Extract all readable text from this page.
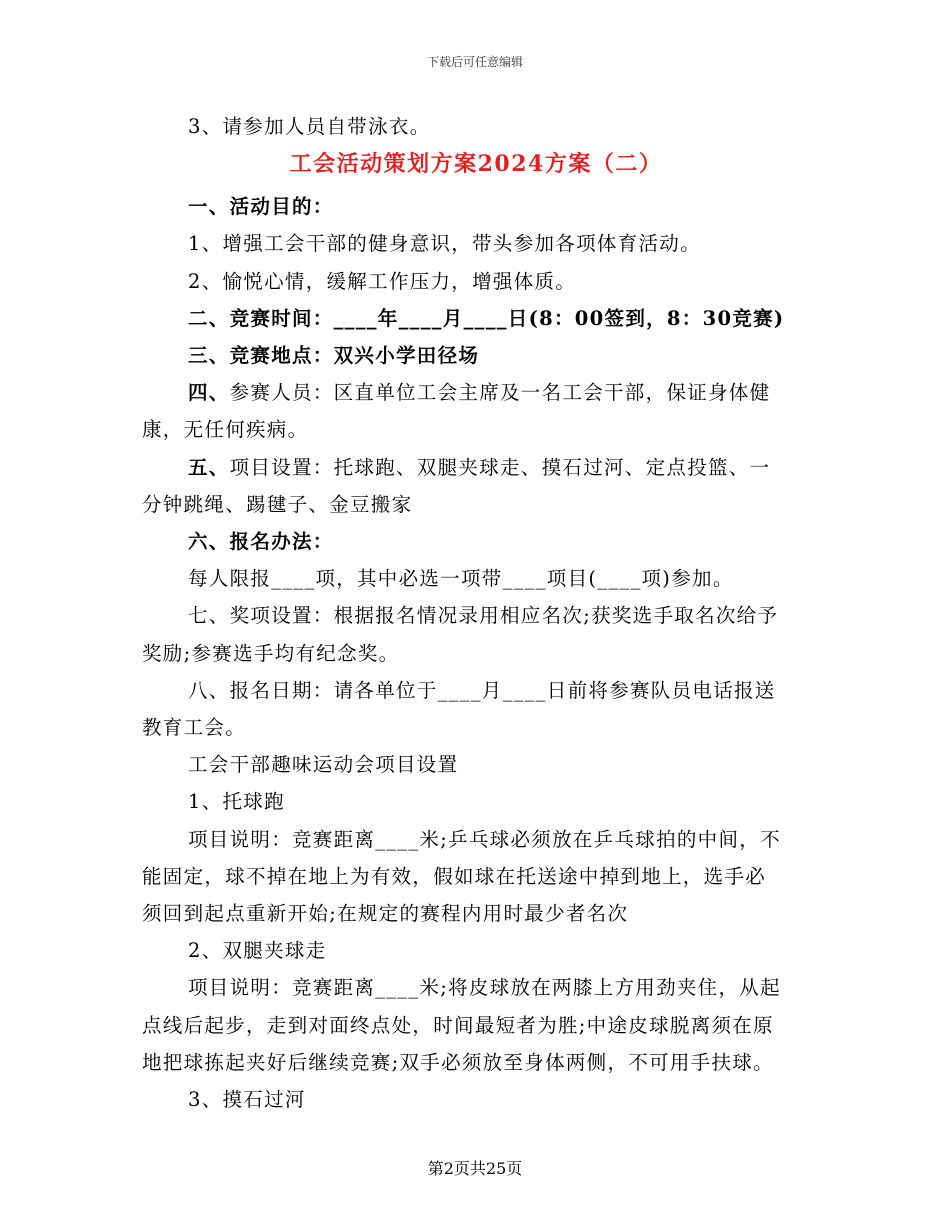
下载后可任意编辑
3、请参加人员自带泳衣。
工会活动策划方案2024方案（二）
一、活动目的：
1、增强工会干部的健身意识，带头参加各项体育活动。
2、愉悦心情，缓解工作压力，增强体质。
二、竞赛时间：____年____月____日(8：00签到，8：30竞赛)
三、竞赛地点：双兴小学田径场
四、参赛人员：区直单位工会主席及一名工会干部，保证身体健
康，无任何疾病。
五、项目设置：托球跑、双腿夹球走、摸石过河、定点投篮、一
分钟跳绳、踢毽子、金豆搬家
六、报名办法：
每人限报____项，其中必选一项带____项目(____项)参加。
七、奖项设置：根据报名情况录用相应名次;获奖选手取名次给予
奖励;参赛选手均有纪念奖。
八、报名日期：请各单位于____月____日前将参赛队员电话报送
教育工会。
工会干部趣味运动会项目设置
1、托球跑
项目说明：竞赛距离____米;乒乓球必须放在乒乓球拍的中间，不
能固定，球不掉在地上为有效，假如球在托送途中掉到地上，选手必
须回到起点重新开始;在规定的赛程内用时最少者名次
2、双腿夹球走
项目说明：竞赛距离____米;将皮球放在两膝上方用劲夹住，从起
点线后起步，走到对面终点处，时间最短者为胜;中途皮球脱离须在原
地把球拣起夹好后继续竞赛;双手必须放至身体两侧，不可用手扶球。
3、摸石过河
第2页共25页
